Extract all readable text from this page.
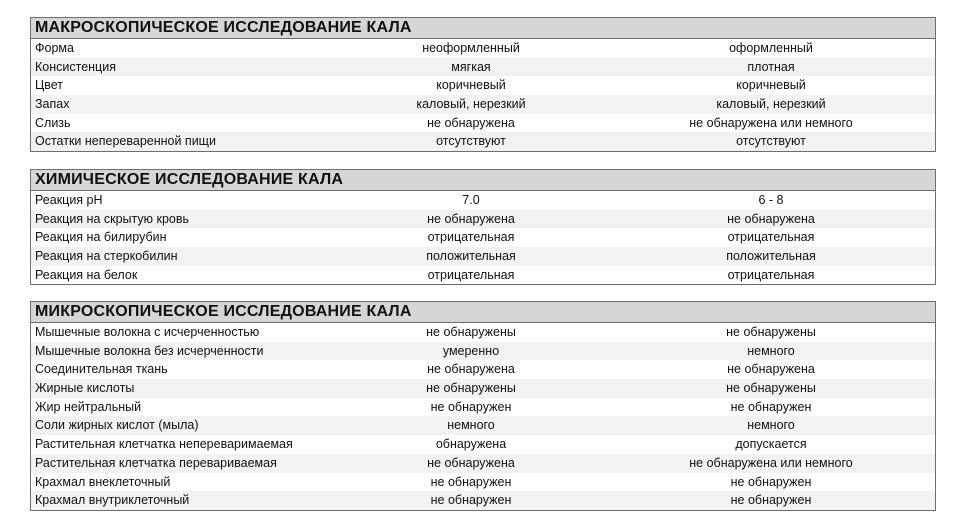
МАКРОСКОПИЧЕСКОЕ ИССЛЕДОВАНИЕ КАЛА
Форма	неоформленный	оформленный
Консистенция	мягкая	плотная
Цвет	коричневый	коричневый
Запах	каловый, нерезкий	каловый, нерезкий
Слизь	не обнаружена	не обнаружена или немного
Остатки непереваренной пищи	отсутствуют	отсутствуют
ХИМИЧЕСКОЕ ИССЛЕДОВАНИЕ КАЛА
Реакция pH	7.0	6 - 8
Реакция на скрытую кровь	не обнаружена	не обнаружена
Реакция на билирубин	отрицательная	отрицательная
Реакция на стеркобилин	положительная	положительная
Реакция на белок	отрицательная	отрицательная
МИКРОСКОПИЧЕСКОЕ ИССЛЕДОВАНИЕ КАЛА
Мышечные волокна с исчерченностью	не обнаружены	не обнаружены
Мышечные волокна без исчерченности	умеренно	немного
Соединительная ткань	не обнаружена	не обнаружена
Жирные кислоты	не обнаружены	не обнаружены
Жир нейтральный	не обнаружен	не обнаружен
Соли жирных кислот (мыла)	немного	немного
Растительная клетчатка непереваримаемая	обнаружена	допускается
Растительная клетчатка перевариваемая	не обнаружена	не обнаружена или немного
Крахмал внеклеточный	не обнаружен	не обнаружен
Крахмал внутриклеточный	не обнаружен	не обнаружен
